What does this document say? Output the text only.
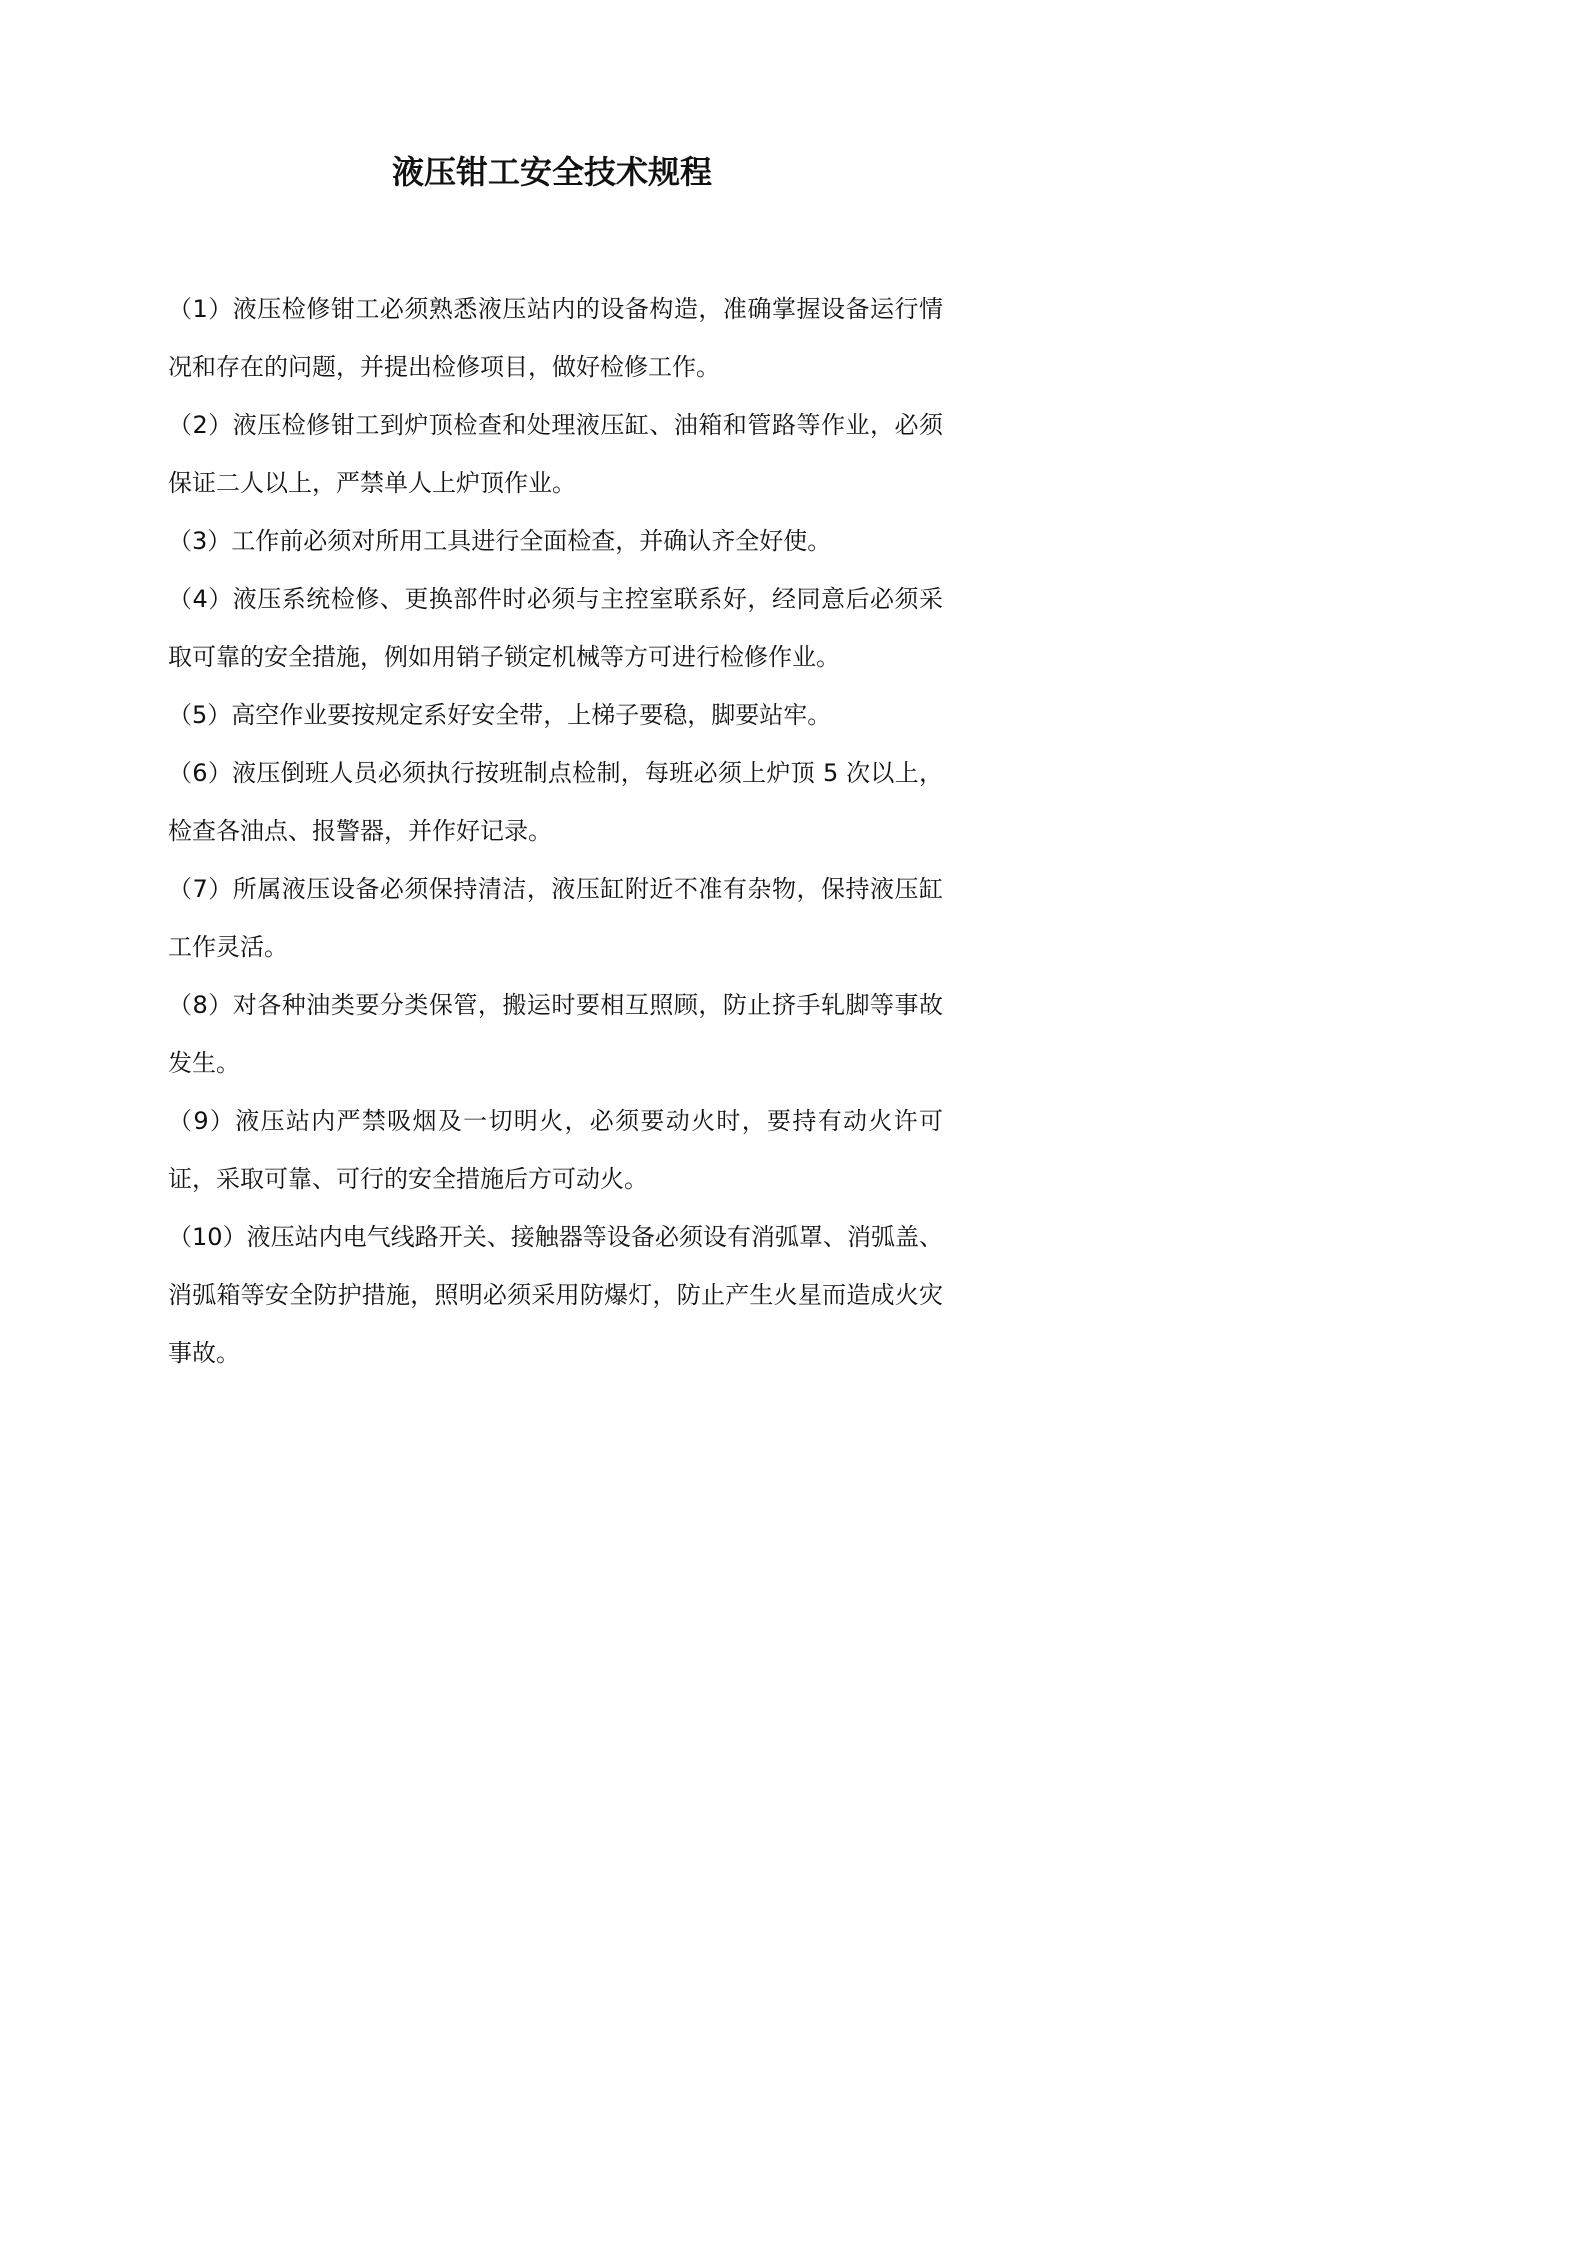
液压钳工安全技术规程

（1）液压检修钳工必须熟悉液压站内的设备构造，准确掌握设备运行情况和存在的问题，并提出检修项目，做好检修工作。

（2）液压检修钳工到炉顶检查和处理液压缸、油箱和管路等作业，必须保证二人以上，严禁单人上炉顶作业。

（3）工作前必须对所用工具进行全面检查，并确认齐全好使。

（4）液压系统检修、更换部件时必须与主控室联系好，经同意后必须采取可靠的安全措施，例如用销子锁定机械等方可进行检修作业。

（5）高空作业要按规定系好安全带，上梯子要稳，脚要站牢。

（6）液压倒班人员必须执行按班制点检制，每班必须上炉顶 5 次以上，检查各油点、报警器，并作好记录。

（7）所属液压设备必须保持清洁，液压缸附近不准有杂物，保持液压缸工作灵活。

（8）对各种油类要分类保管，搬运时要相互照顾，防止挤手轧脚等事故发生。

（9）液压站内严禁吸烟及一切明火，必须要动火时，要持有动火许可证，采取可靠、可行的安全措施后方可动火。

（10）液压站内电气线路开关、接触器等设备必须设有消弧罩、消弧盖、消弧箱等安全防护措施，照明必须采用防爆灯，防止产生火星而造成火灾事故。
